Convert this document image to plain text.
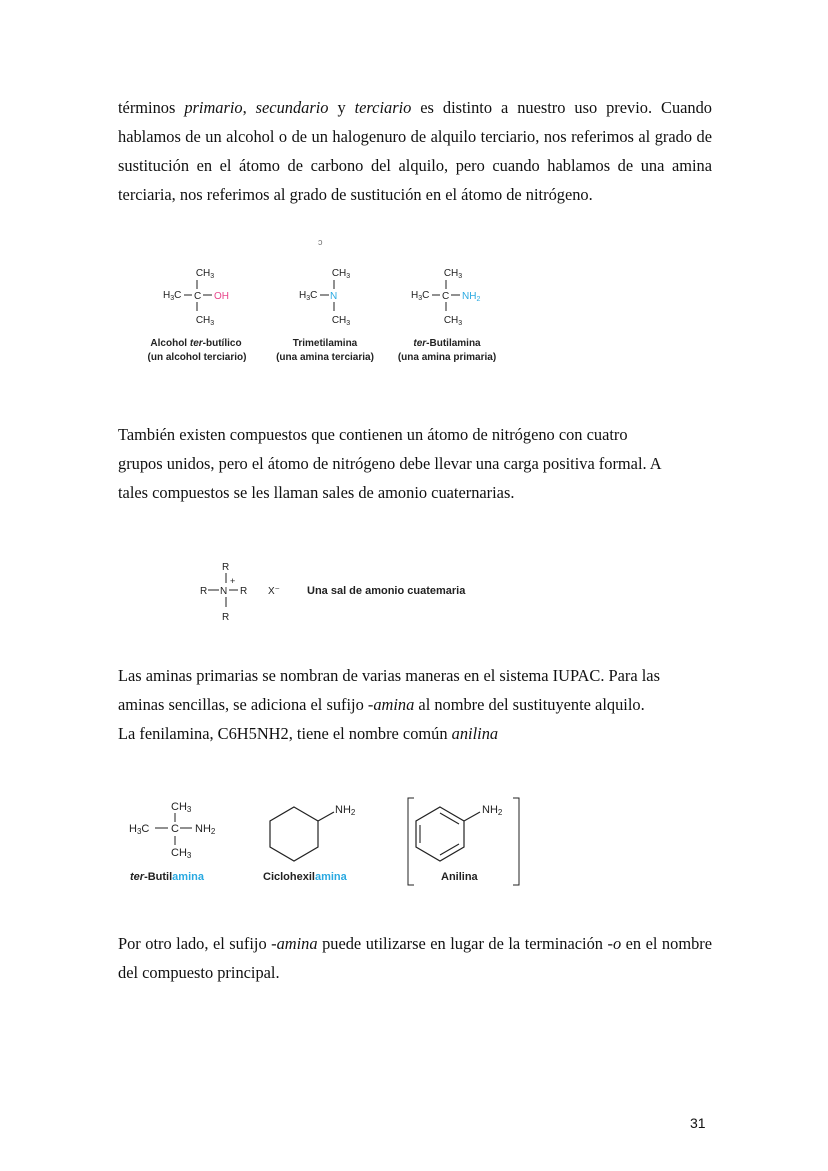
términos primario, secundario y terciario es distinto a nuestro uso previo. Cuando hablamos de un alcohol o de un halogenuro de alquilo terciario, nos referimos al grado de sustitución en el átomo de carbono del alquilo, pero cuando hablamos de una amina terciaria, nos referimos al grado de sustitución en el átomo de nitrógeno.

ɔ
$CH_3$
$H_3C$ C OH
$CH_3$
Alcohol ter-butílico
(un alcohol terciario)
$CH_3$
$H_3C$ N
$CH_3$
Trimetilamina
(una amina terciaria)
$CH_3$
$H_3C$ C $NH_2$
$CH_3$
ter-Butilamina
(una amina primaria)

También existen compuestos que contienen un átomo de nitrógeno con cuatro
grupos unidos, pero el átomo de nitrógeno debe llevar una carga positiva formal. A
tales compuestos se les llaman sales de amonio cuaternarias.

R
+
R N R
R
X⁻ Una sal de amonio cuatemaria

Las aminas primarias se nombran de varias maneras en el sistema IUPAC. Para las
aminas sencillas, se adiciona el sufijo -amina al nombre del sustituyente alquilo.
La fenilamina, C6H5NH2, tiene el nombre común anilina

CH3
H3C C NH2
CH3
ter-Butilamina
NH2
Ciclohexilamina
NH2
Anilina

Por otro lado, el sufijo -amina puede utilizarse en lugar de la terminación -o en el nombre del compuesto principal.

31
